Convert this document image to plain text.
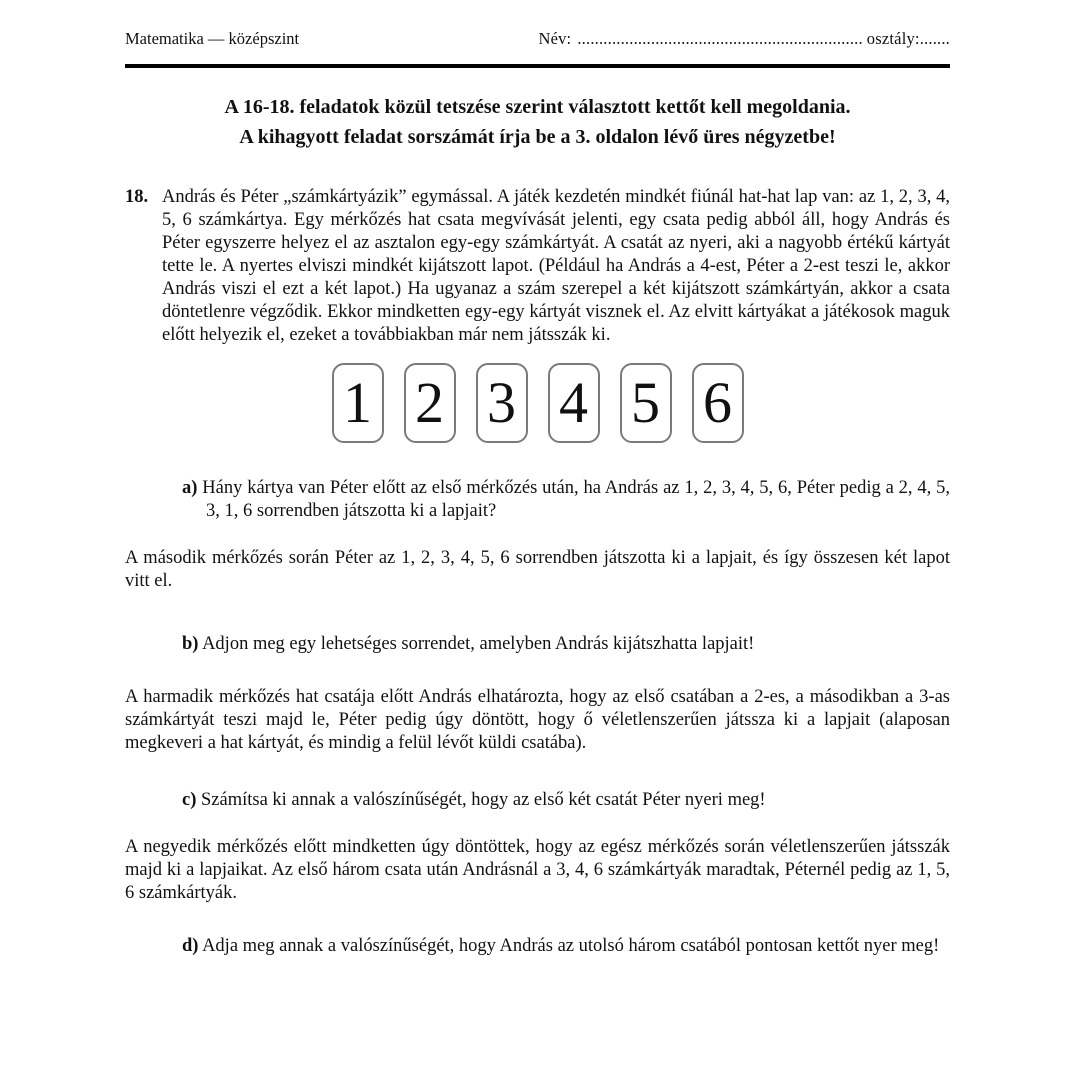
Matematika — középszint	Név: .................................................................. osztály:.......
A 16-18. feladatok közül tetszése szerint választott kettőt kell megoldania.
A kihagyott feladat sorszámát írja be a 3. oldalon lévő üres négyzetbe!
18. András és Péter „számkártyázik” egymással. A játék kezdetén mindkét fiúnál hat-hat lap van: az 1, 2, 3, 4, 5, 6 számkártya. Egy mérkőzés hat csata megvívását jelenti, egy csata pedig abból áll, hogy András és Péter egyszerre helyez el az asztalon egy-egy számkártyát. A csatát az nyeri, aki a nagyobb értékű kártyát tette le. A nyertes elviszi mindkét kijátszott lapot. (Például ha András a 4-est, Péter a 2-est teszi le, akkor András viszi el ezt a két lapot.) Ha ugyanaz a szám szerepel a két kijátszott számkártyán, akkor a csata döntetlenre végződik. Ekkor mindketten egy-egy kártyát visznek el. Az elvitt kártyákat a játékosok maguk előtt helyezik el, ezeket a továbbiakban már nem játsszák ki.
1 2 3 4 5 6
a) Hány kártya van Péter előtt az első mérkőzés után, ha András az 1, 2, 3, 4, 5, 6, Péter pedig a 2, 4, 5, 3, 1, 6 sorrendben játszotta ki a lapjait?
A második mérkőzés során Péter az 1, 2, 3, 4, 5, 6 sorrendben játszotta ki a lapjait, és így összesen két lapot vitt el.
b) Adjon meg egy lehetséges sorrendet, amelyben András kijátszhatta lapjait!
A harmadik mérkőzés hat csatája előtt András elhatározta, hogy az első csatában a 2-es, a másodikban a 3-as számkártyát teszi majd le, Péter pedig úgy döntött, hogy ő véletlenszerűen játssza ki a lapjait (alaposan megkeveri a hat kártyát, és mindig a felül lévőt küldi csatába).
c) Számítsa ki annak a valószínűségét, hogy az első két csatát Péter nyeri meg!
A negyedik mérkőzés előtt mindketten úgy döntöttek, hogy az egész mérkőzés során véletlenszerűen játsszák majd ki a lapjaikat. Az első három csata után Andrásnál a 3, 4, 6 számkártyák maradtak, Péternél pedig az 1, 5, 6 számkártyák.
d) Adja meg annak a valószínűségét, hogy András az utolsó három csatából pontosan kettőt nyer meg!
